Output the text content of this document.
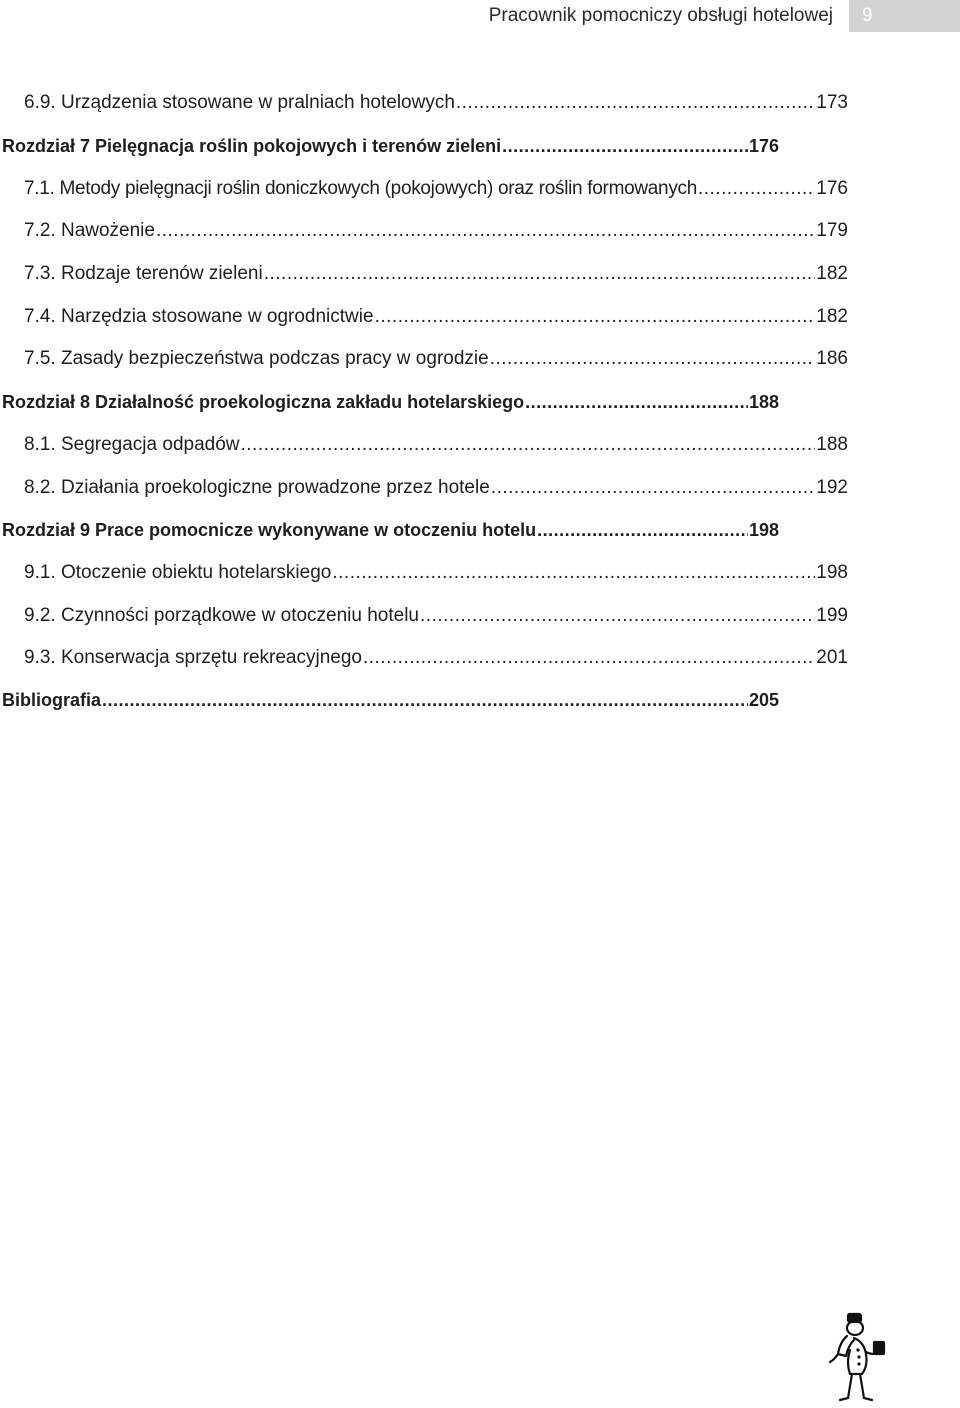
Pracownik pomocniczy obsługi hotelowej 9
6.9. Urządzenia stosowane w pralniach hotelowych .....	173
Rozdział 7 Pielęgnacja roślin pokojowych i terenów zieleni .....	176
7.1. Metody pielęgnacji roślin doniczkowych (pokojowych) oraz roślin formowanych .....	176
7.2. Nawożenie .....	179
7.3. Rodzaje terenów zieleni .....	182
7.4. Narzędzia stosowane w ogrodnictwie .....	182
7.5. Zasady bezpieczeństwa podczas pracy w ogrodzie .....	186
Rozdział 8 Działalność proekologiczna zakładu hotelarskiego .....	188
8.1. Segregacja odpadów .....	188
8.2. Działania proekologiczne prowadzone przez hotele .....	192
Rozdział 9 Prace pomocnicze wykonywane w otoczeniu hotelu .....	198
9.1. Otoczenie obiektu hotelarskiego .....	198
9.2. Czynności porządkowe w otoczeniu hotelu .....	199
9.3. Konserwacja sprzętu rekreacyjnego .....	201
Bibliografia .....	205
